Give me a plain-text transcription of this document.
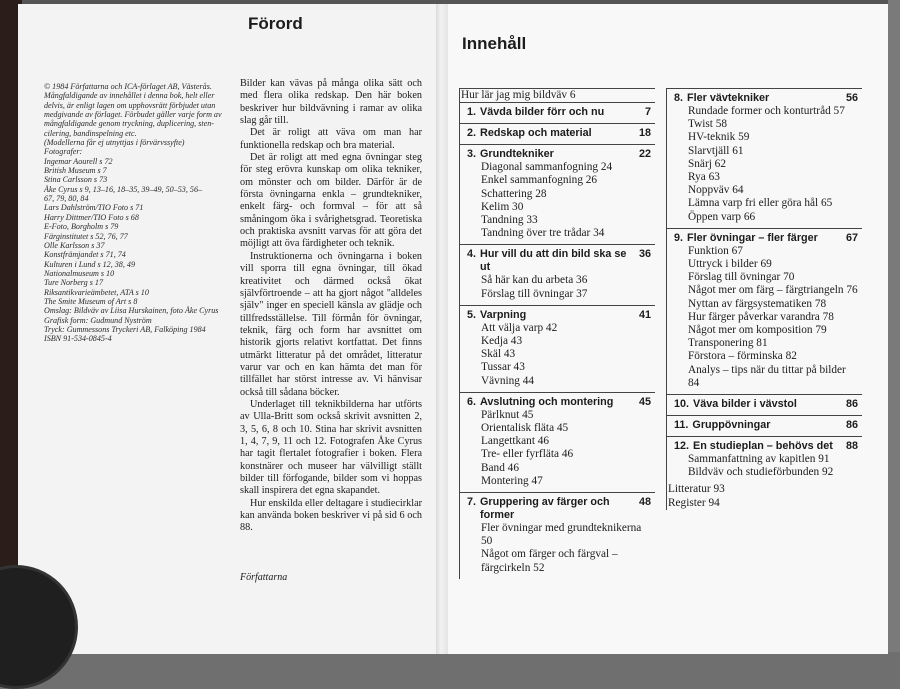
© 1984 Författarna och ICA-förlaget AB, Västerås.
Mångfaldigande av innehållet i denna bok, helt eller
delvis, är enligt lagen om upphovsrätt förbjudet utan
medgivande av förlaget. Förbudet gäller varje form av
mångfaldigande genom tryckning, duplicering, sten-
cilering, bandinspelning etc.
(Modellerna får ej utnyttjas i förvärvssyfte)
Fotografer:
Ingemar Aourell s 72
British Museum s 7
Stina Carlsson s 73
Åke Cyrus s 9, 13–16, 18–35, 39–49, 50–53, 56–
67, 79, 80, 84
Lars Dahlström/TIO Foto s 71
Harry Dittmer/TIO Foto s 68
E-Foto, Borgholm s 79
Färginstitutet s 52, 76, 77
Olle Karlsson s 37
Konstfrämjandet s 71, 74
Kulturen i Lund s 12, 38, 49
Nationalmuseum s 10
Ture Norberg s 17
Riksantikvarieämbetet, ATA s 10
The Smite Museum of Art s 8
Omslag: Bildväv av Liisa Hurskainen, foto Åke Cyrus
Grafisk form: Gudmund Nyström
Tryck: Gummessons Tryckeri AB, Falköping 1984
ISBN 91-534-0845-4
Förord

Bilder kan vävas på många olika sätt och med flera olika redskap. Den här boken beskriver hur bildvävning i ramar av olika slag går till.

Det är roligt att väva om man har funktionella redskap och bra material.

Det är roligt att med egna övningar steg för steg erövra kunskap om olika tekniker, om mönster och om bilder. Därför är de första övningarna enkla – grundtekniker, enkelt färg- och formval – för att så småningom öka i svårighetsgrad. Teoretiska och praktiska avsnitt varvas för att göra det möjligt att öva färdigheter och teknik.

Instruktionerna och övningarna i boken vill sporra till egna övningar, till ökad kreativitet och därmed också ökat självförtroende – att ha gjort något "alldeles själv" inger en speciell känsla av glädje och tillfredsställelse. Till förmån för övningar, teknik, färg och form har avsnittet om historik gjorts relativt kortfattat. Det finns utmärkt litteratur på det området, litteratur varur var och en kan hämta det man för tillfället har störst intresse av. Vi hänvisar också till sådana böcker.

Underlaget till teknikbilderna har utförts av Ulla-Britt som också skrivit avsnitten 2, 3, 5, 6, 8 och 10. Stina har skrivit avsnitten 1, 4, 7, 9, 11 och 12. Fotografen Åke Cyrus har tagit flertalet fotografier i boken. Flera konstnärer och museer har välvilligt ställt bilder till förfogande, bilder som vi hoppas skall inspirera det egna skapandet.

Hur enskilda eller deltagare i studiecirklar kan använda boken beskriver vi på sid 6 och 88.

Författarna
Innehåll
Hur lär jag mig bildväv 6
1. Vävda bilder förr och nu	7
2. Redskap och material	18
3. Grundtekniker	22
Diagonal sammanfogning 24
Enkel sammanfogning 26
Schattering 28
Kelim 30
Tandning 33
Tandning över tre trådar 34
4. Hur vill du att din bild ska se ut
36
Så här kan du arbeta 36
Förslag till övningar 37
5. Varpning	41
Att välja varp 42
Kedja 43
Skäl 43
Tussar 43
Vävning 44
6. Avslutning och montering	45
Pärlknut 45
Orientalisk fläta 45
Langettkant 46
Tre- eller fyrfläta 46
Band 46
Montering 47
7. Gruppering av färger och former
48
Fler övningar med grundteknikerna 50
Något om färger och färgval – färgcirkeln 52
8. Fler vävtekniker	56
Rundade former och konturtråd 57
Twist 58
HV-teknik 59
Slarvtjäll 61
Snärj 62
Rya 63
Noppväv 64
Lämna varp fri eller göra hål 65
Öppen varp 66
9. Fler övningar – fler färger	67
Funktion 67
Uttryck i bilder 69
Förslag till övningar 70
Något mer om färg – färgtriangeln 76
Nyttan av färgsystematiken 78
Hur färger påverkar varandra 78
Något mer om komposition 79
Transponering 81
Förstora – förminska 82
Analys – tips när du tittar på bilder 84
10. Väva bilder i vävstol	86
11. Gruppövningar	86
12. En studieplan – behövs det	88
Sammanfattning av kapitlen 91
Bildväv och studieförbunden 92
Litteratur 93
Register 94
